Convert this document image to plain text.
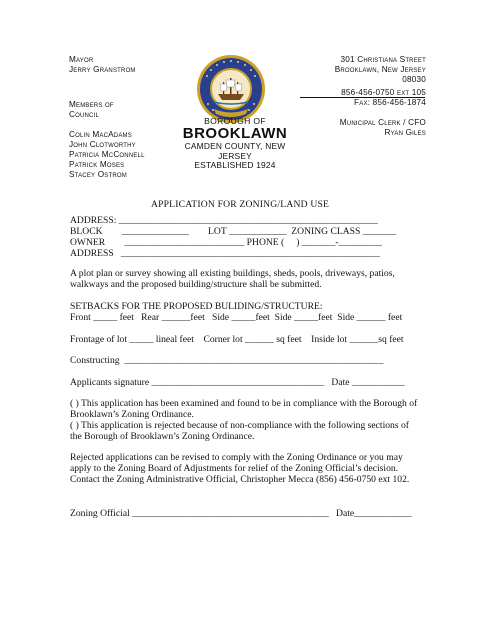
Mayor
Jerry Granstrom
Members of
Council
Colin MacAdams
John Clotworthy
Patricia McConnell
Patrick Moses
Stacey Ostrom
BOROUGH OF
BROOKLAWN
CAMDEN COUNTY, NEW
JERSEY
ESTABLISHED 1924
301 Christiana Street
Brooklawn, New Jersey
08030
856-456-0750 ext 105
Fax: 856-456-1874
Municipal Clerk / CFO
Ryan Giles
APPLICATION FOR ZONING/LAND USE
ADDRESS: ______________________________________________________
BLOCK        ______________        LOT ____________  ZONING CLASS _______
OWNER        _________________________ PHONE (     ) _______-_________
ADDRESS   ______________________________________________________
A plot plan or survey showing all existing buildings, sheds, pools, driveways, patios, walkways and the proposed building/structure shall be submitted.
SETBACKS FOR THE PROPOSED BULIDING/STRUCTURE:
Front _____ feet   Rear ______feet   Side _____feet  Side _____feet  Side ______ feet
Frontage of lot _____ lineal feet    Corner lot ______ sq feet    Inside lot ______sq feet
Constructing  ______________________________________________________
Applicants signature ____________________________________   Date ___________
( ) This application has been examined and found to be in compliance with the Borough of Brooklawn’s Zoning Ordinance.
( ) This application is rejected because of non-compliance with the following sections of the Borough of Brooklawn’s Zoning Ordinance.
Rejected applications can be revised to comply with the Zoning Ordinance or you may apply to the Zoning Board of Adjustments for relief of the Zoning Official’s decision. Contact the Zoning Administrative Official, Christopher Mecca (856) 456-0750 ext 102.
Zoning Official _________________________________________   Date____________
